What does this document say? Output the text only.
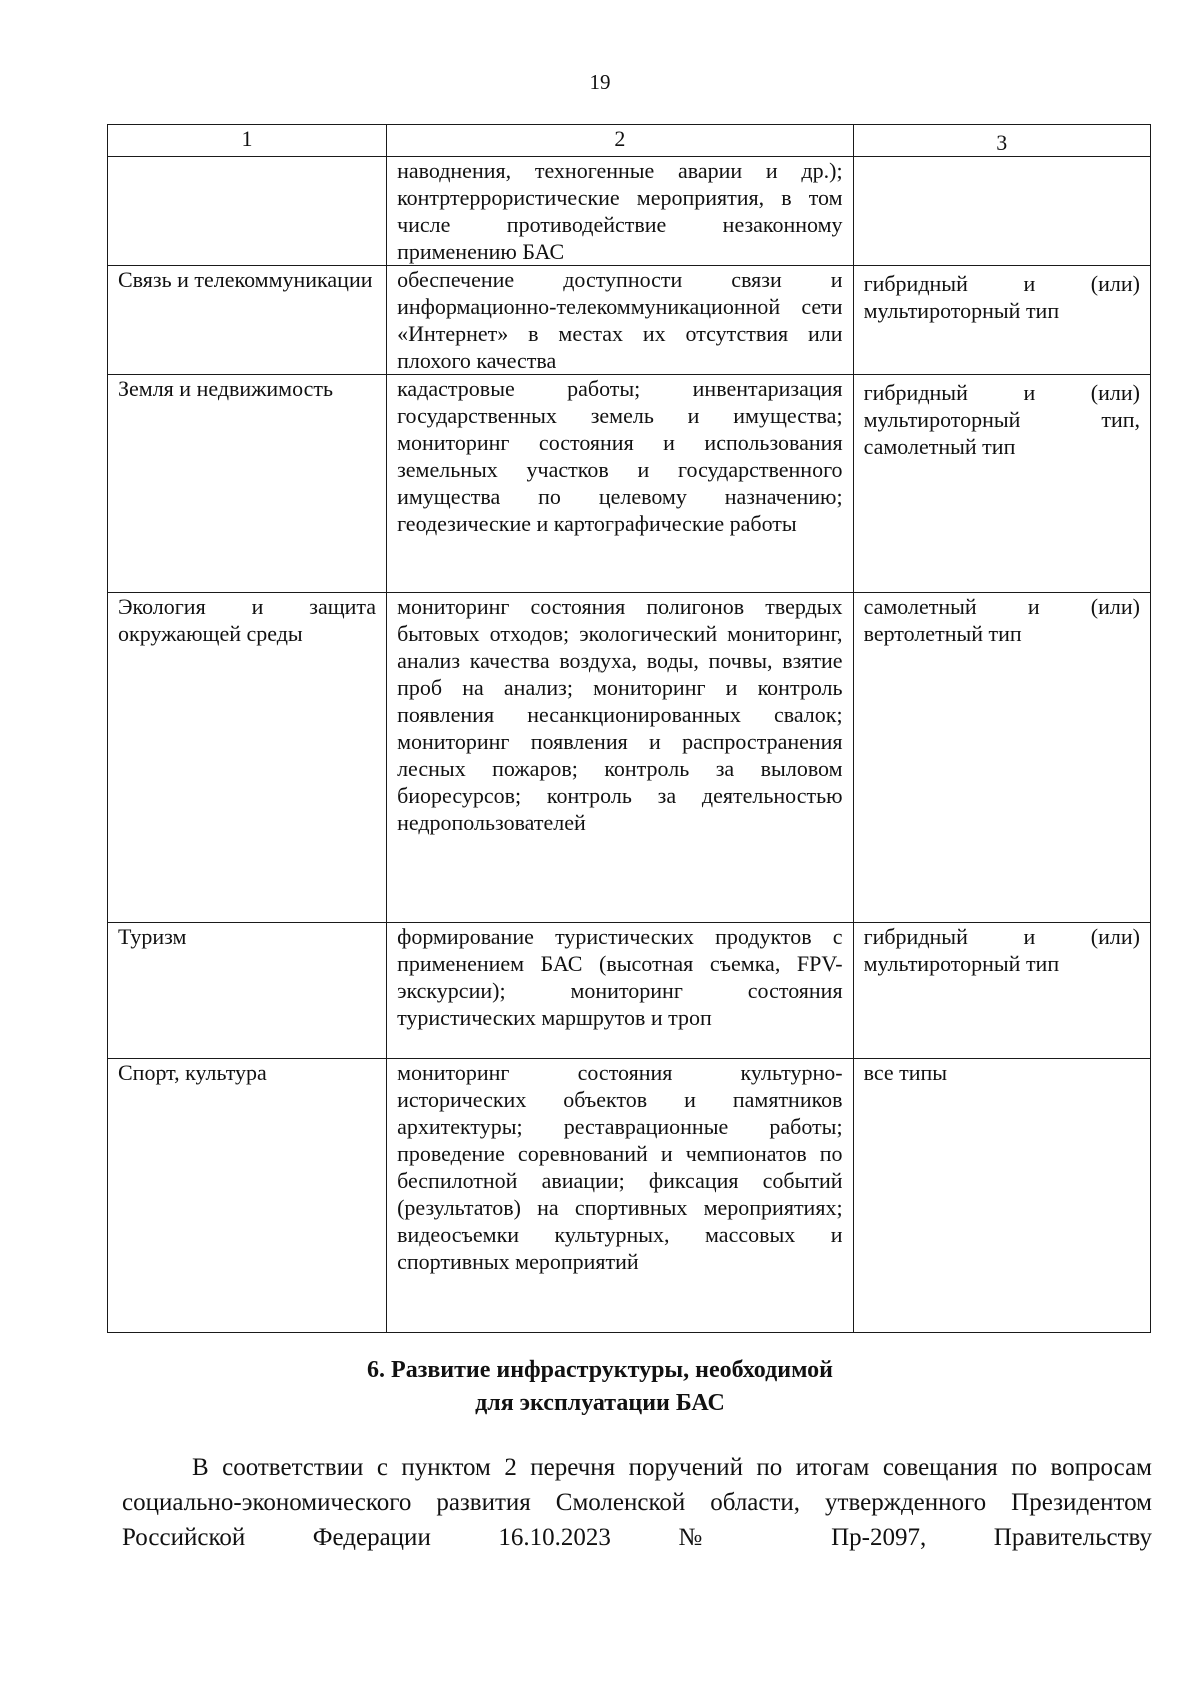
19
1	2	3
	наводнения, техногенные аварии и др.); контртеррористические мероприятия, в том числе противодействие незаконному применению БАС	
Связь и телекоммуникации	обеспечение доступности связи и информационно-телекоммуникационной сети «Интернет» в местах их отсутствия или плохого качества	гибридный и (или) мультироторный тип
Земля и недвижимость	кадастровые работы; инвентаризация государственных земель и имущества; мониторинг состояния и использования земельных участков и государственного имущества по целевому назначению; геодезические и картографические работы	гибридный и (или) мультироторный тип, самолетный тип
Экология и защита окружающей среды	мониторинг состояния полигонов твердых бытовых отходов; экологический мониторинг, анализ качества воздуха, воды, почвы, взятие проб на анализ; мониторинг и контроль появления несанкционированных свалок; мониторинг появления и распространения лесных пожаров; контроль за выловом биоресурсов; контроль за деятельностью недропользователей	самолетный и (или) вертолетный тип
Туризм	формирование туристических продуктов с применением БАС (высотная съемка, FPV-экскурсии); мониторинг состояния туристических маршрутов и троп	гибридный и (или) мультироторный тип
Спорт, культура	мониторинг состояния культурно-исторических объектов и памятников архитектуры; реставрационные работы; проведение соревнований и чемпионатов по беспилотной авиации; фиксация событий (результатов) на спортивных мероприятиях; видеосъемки культурных, массовых и спортивных мероприятий	все типы
6. Развитие инфраструктуры, необходимой
для эксплуатации БАС
В соответствии с пунктом 2 перечня поручений по итогам совещания по вопросам социально-экономического развития Смоленской области, утвержденного Президентом Российской Федерации 16.10.2023 № Пр-2097, Правительству
